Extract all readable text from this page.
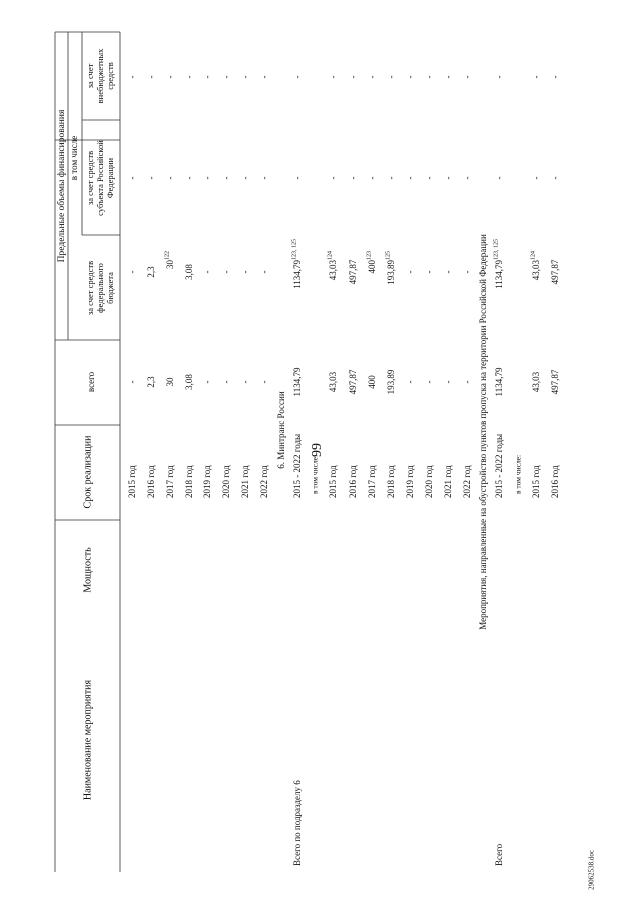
99
29062538.doc
Наименование мероприятия
Мощность
Срок реализации
всего
Предельные объемы финансирования в том числе
за счет средств федерального бюджета
за счет средств субъекта Российской Федерации
за счет внебюджетных средств
6. Минтранс России	Мероприятия, направленные на обустройство пунктов пропуска на территории Российской Федерации
2015 год
-
-
-
-
2016 год
2,3
2,3
-
-
2017 год
30
30
122
-
-
2018 год
3,08
3,08
-
-
2019 год
-
-
-
-
2020 год
-
-
-
-
2021 год
-
-
-
-
2022 год
-
-
-
-
Всего по подразделу 6
2015 - 2022 годы
1134,79
1134,79
123, 125
-
-
в том числе: 2015 год
43,03
43,03
124
-
-
2016 год
497,87
497,87
-
-
2017 год
400
400
123
-
-
2018 год
193,89
193,89
125
-
-
2019 год
-
-
-
-
2020 год
-
-
-
-
2021 год
-
-
-
-
2022 год
-
-
-
-
Всего
2015 - 2022 годы
1134,79
1134,79
123, 125
-
-
в том числе: 2015 год
43,03
43,03
124
-
-
2016 год
497,87
497,87
-
-
